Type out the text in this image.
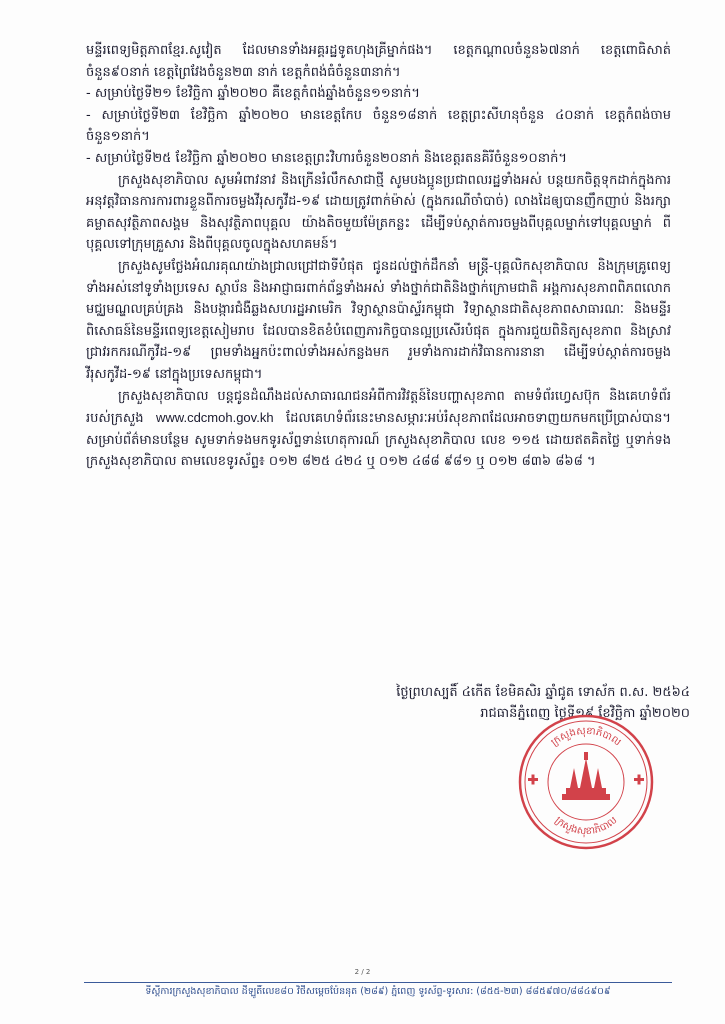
មន្ទីរពេទ្យមិត្តភាពខ្មែរ.សូវៀត ដែលមានទាំងអគ្គរដ្ឋទូតហុងគ្រីម្នាក់ផង។ ខេត្តកណ្តាលចំនួន៦៧នាក់ ខេត្តពោធិសាត់ចំនួន៩០នាក់ ខេត្តព្រៃវែងចំនួន២៣ នាក់ ខេត្តកំពង់ធំចំនួន៣នាក់។

- សម្រាប់ថ្ងៃទី២១ ខែវិច្ឆិកា ឆ្នាំ២០២០ គឺខេត្តកំពង់ឆ្នាំងចំនួន១១នាក់។

- សម្រាប់ថ្ងៃទី២៣ ខែវិច្ឆិកា ឆ្នាំ២០២០ មានខេត្តកែប ចំនួន១៨នាក់ ខេត្តព្រះសីហនុចំនួន ៤០នាក់ ខេត្តកំពង់ចាមចំនួន១នាក់។

- សម្រាប់ថ្ងៃទី២៥ ខែវិច្ឆិកា ឆ្នាំ២០២០ មានខេត្តព្រះវិហារចំនួន២០នាក់ និងខេត្តរតនគិរីចំនួន១០នាក់។

ក្រសួងសុខាភិបាល សូមអំពាវនាវ និងក្រើនរំលឹកសាជាថ្មី សូមបងប្អូនប្រជាពលរដ្ឋទាំងអស់ បន្តយកចិត្តទុកដាក់ក្នុងការអនុវត្តវិធានការការពារខ្លួនពីការចម្លងវីរុសកូវីដ-១៩ ដោយត្រូវពាក់ម៉ាស់ (ក្នុងករណីចាំបាច់) លាងដៃឲ្យបានញឹកញាប់ និងរក្សាគម្លាតសុវត្ថិភាពសង្គម និងសុវត្ថិភាពបុគ្គល យ៉ាងតិចមួយម៉ែត្រកន្លះ ដើម្បីទប់ស្កាត់ការចម្លងពីបុគ្គលម្នាក់ទៅបុគ្គលម្នាក់ ពីបុគ្គលទៅក្រុមគ្រួសារ និងពីបុគ្គលចូលក្នុងសហគមន៍។

ក្រសួងសូមថ្លែងអំណរគុណយ៉ាងជ្រាលជ្រៅជាទីបំផុត ជូនដល់ថ្នាក់ដឹកនាំ មន្ត្រី-បុគ្គលិកសុខាភិបាល និងក្រុមគ្រូពេទ្យទាំងអស់នៅទូទាំងប្រទេស ស្ថាប័ន និងអាជ្ញាធរពាក់ព័ន្ធទាំងអស់ ទាំងថ្នាក់ជាតិនិងថ្នាក់ក្រោមជាតិ អង្គការសុខភាពពិភពលោក មជ្ឈមណ្ឌលគ្រប់គ្រង និងបង្ការជំងឺឆ្លងសហរដ្ឋអាមេរិក វិទ្យាស្ថានប៉ាស្ទ័រកម្ពុជា វិទ្យាស្ថានជាតិសុខភាពសាធារណៈ និងមន្ទីរពិសោធន៍នៃមន្ទីរពេទ្យខេត្តសៀមរាប ដែលបានខិតខំបំពេញភារកិច្ចបានល្អប្រសើរបំផុត ក្នុងការជួយពិនិត្យសុខភាព និងស្រាវជ្រាវរកករណីកូវីដ-១៩ ព្រមទាំងអ្នកប៉ះពាល់ទាំងអស់កន្លងមក រួមទាំងការដាក់វិធានការនានា ដើម្បីទប់ស្កាត់ការចម្លងវីរុសកូវីដ-១៩ នៅក្នុងប្រទេសកម្ពុជា។

ក្រសួងសុខាភិបាល បន្តជូនដំណឹងដល់សាធារណជនអំពីការវិវត្តន៍នៃបញ្ហាសុខភាព តាមទំព័រហ្វេសប៊ុក និងគេហទំព័ររបស់ក្រសួង www.cdcmoh.gov.kh ដែលគេហទំព័រនេះមានសម្ភារៈអប់រំសុខភាពដែលអាចទាញយកមកប្រើប្រាស់បាន។ សម្រាប់ព័ត៌មានបន្ថែម សូមទាក់ទងមកទូរស័ព្ទទាន់ហេតុការណ៍ ក្រសួងសុខាភិបាល លេខ ១១៥ ដោយឥតគិតថ្លៃ ឬទាក់ទងក្រសួងសុខាភិបាល តាមលេខទូរស័ព្ទ៖ ០១២ ៨២៥ ៤២៤ ឬ ០១២ ៤៨៨ ៩៨១ ឬ ០១២ ៨៣៦ ៨៦៨ ។

ថ្ងៃព្រហស្បតិ៍ ៤កើត ខែមិគសិរ ឆ្នាំជូត ទោស័ក ព.ស. ២៥៦៤

រាជធានីភ្នំពេញ ថ្ងៃទី១៩ ខែវិច្ឆិកា ឆ្នាំ២០២០

ក្រសួងសុខាភិបាល
ក្រសួងសុខាភិបាល
2 / 2
ទីស្តីការក្រសួងសុខាភិបាល ដីឡូតិ៍លេខ៨០ វិថីសម្តេចប៉ែននុត (២៨៩) ភ្នំពេញ ទូរស័ព្ទ-ទូរសារ: (៨៥៥-២៣) ៨៨៥៩៧០/៨៨៤៩០៩
